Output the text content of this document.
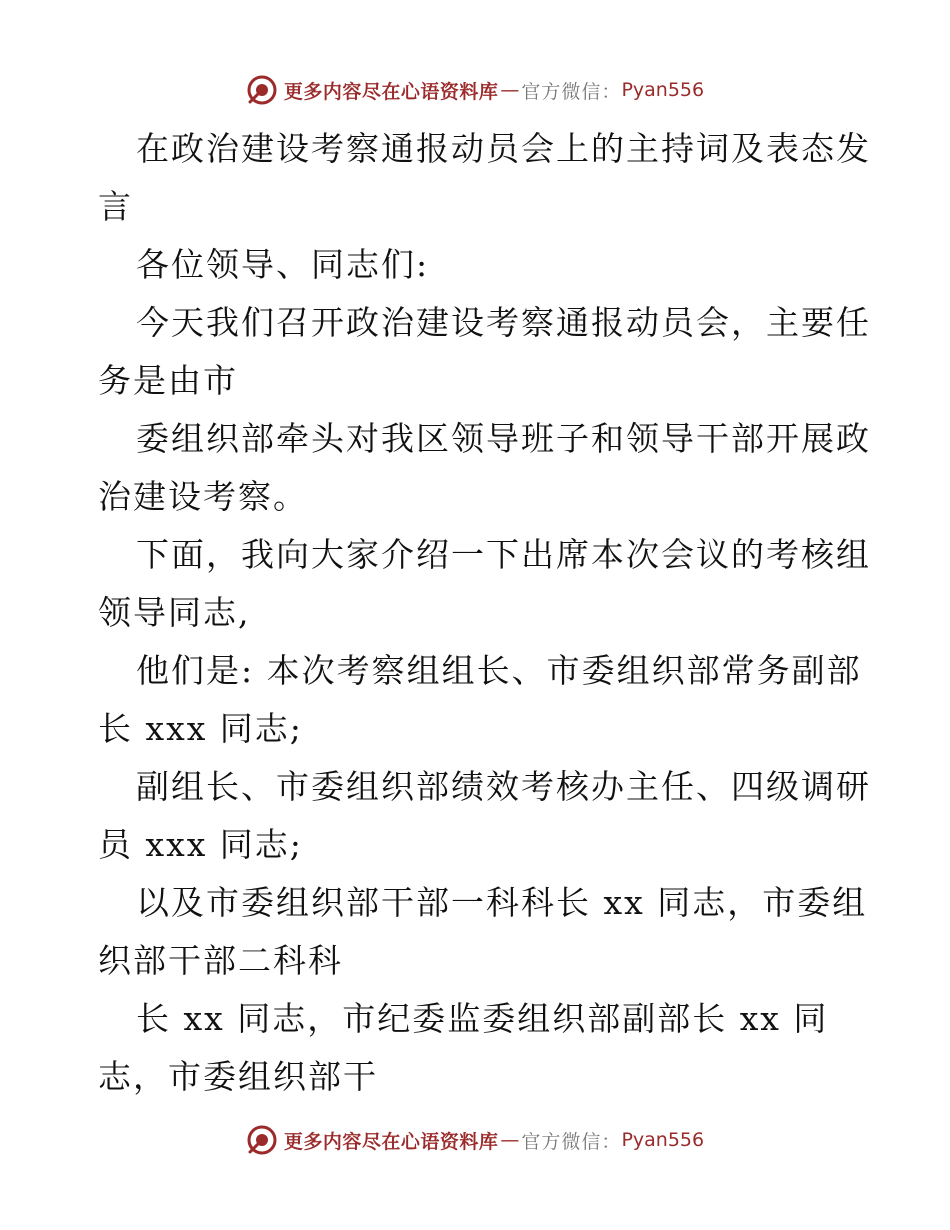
更多内容尽在心语资料库 — 官方微信： Pyan556

在政治建设考察通报动员会上的主持词及表态发

言

各位领导、同志们:

今天我们召开政治建设考察通报动员会，主要任

务是由市

委组织部牵头对我区领导班子和领导干部开展政

治建设考察。

下面，我向大家介绍一下出席本次会议的考核组

领导同志,

他们是: 本次考察组组长、市委组织部常务副部

长 xxx 同志;

副组长、市委组织部绩效考核办主任、四级调研

员 xxx 同志;

以及市委组织部干部一科科长 xx 同志，市委组

织部干部二科科

长 xx 同志，市纪委监委组织部副部长 xx 同

志，市委组织部干

更多内容尽在心语资料库 — 官方微信： Pyan556
